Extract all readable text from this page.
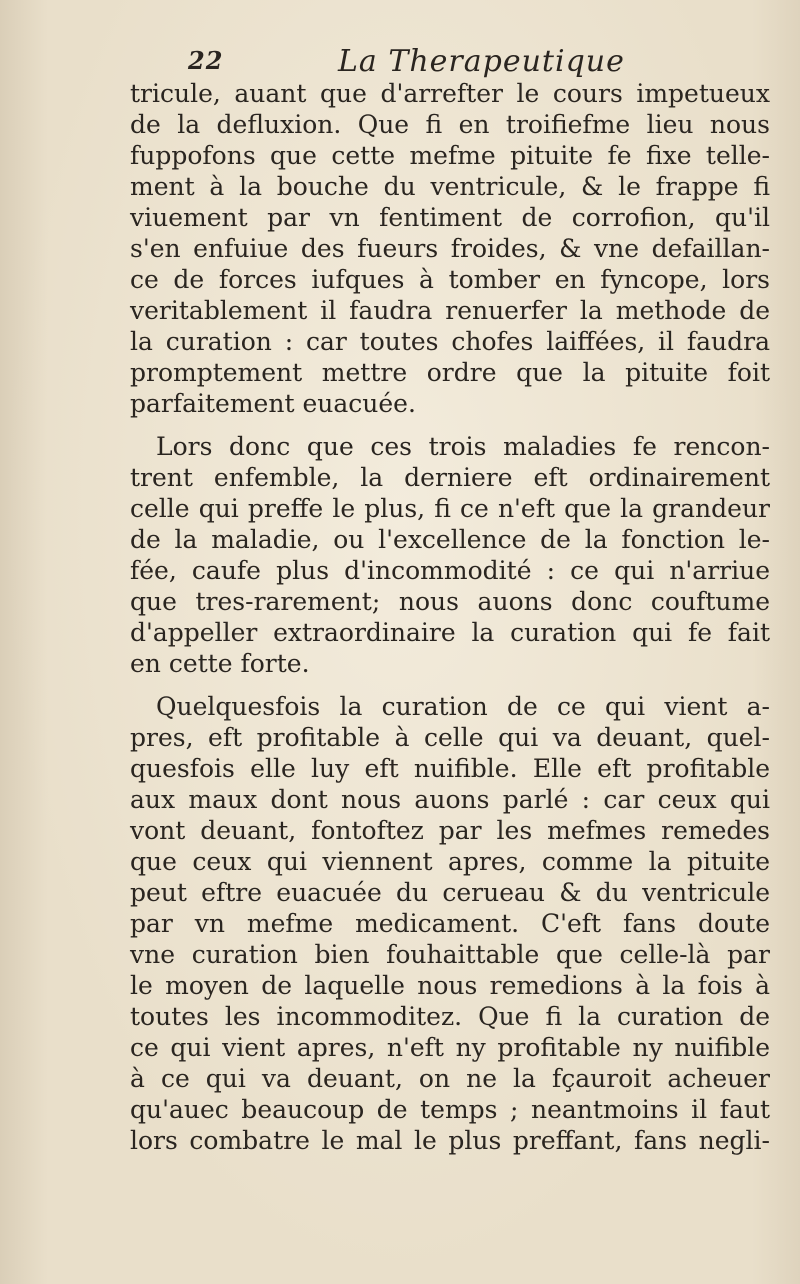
22	La Therapeutique
tricule, auant que d'arrefter le cours impetueux
de la defluxion. Que fi en troifiefme lieu nous
fuppofons que cette mefme pituite fe fixe telle-
ment à la bouche du ventricule, & le frappe fi
viuement par vn fentiment de corrofion, qu'il
s'en enfuiue des fueurs froides, & vne defaillan-
ce de forces iufques à tomber en fyncope, lors
veritablement il faudra renuerfer la methode de
la curation : car toutes chofes laiffées, il faudra
promptement mettre ordre que la pituite foit
parfaitement euacuée.
Lors donc que ces trois maladies fe rencon-
trent enfemble, la derniere eft ordinairement
celle qui preffe le plus, fi ce n'eft que la grandeur
de la maladie, ou l'excellence de la fonction le-
fée, caufe plus d'incommodité : ce qui n'arriue
que tres-rarement; nous auons donc couftume
d'appeller extraordinaire la curation qui fe fait
en cette forte.
Quelquesfois la curation de ce qui vient a-
pres, eft profitable à celle qui va deuant, quel-
quesfois elle luy eft nuifible. Elle eft profitable
aux maux dont nous auons parlé : car ceux qui
vont deuant, fontoftez par les mefmes remedes
que ceux qui viennent apres, comme la pituite
peut eftre euacuée du cerueau & du ventricule
par vn mefme medicament. C'eft fans doute
vne curation bien fouhaittable que celle-là par
le moyen de laquelle nous remedions à la fois à
toutes les incommoditez. Que fi la curation de
ce qui vient apres, n'eft ny profitable ny nuifible
à ce qui va deuant, on ne la fçauroit acheuer
qu'auec beaucoup de temps ; neantmoins il faut
lors combatre le mal le plus preffant, fans negli-
